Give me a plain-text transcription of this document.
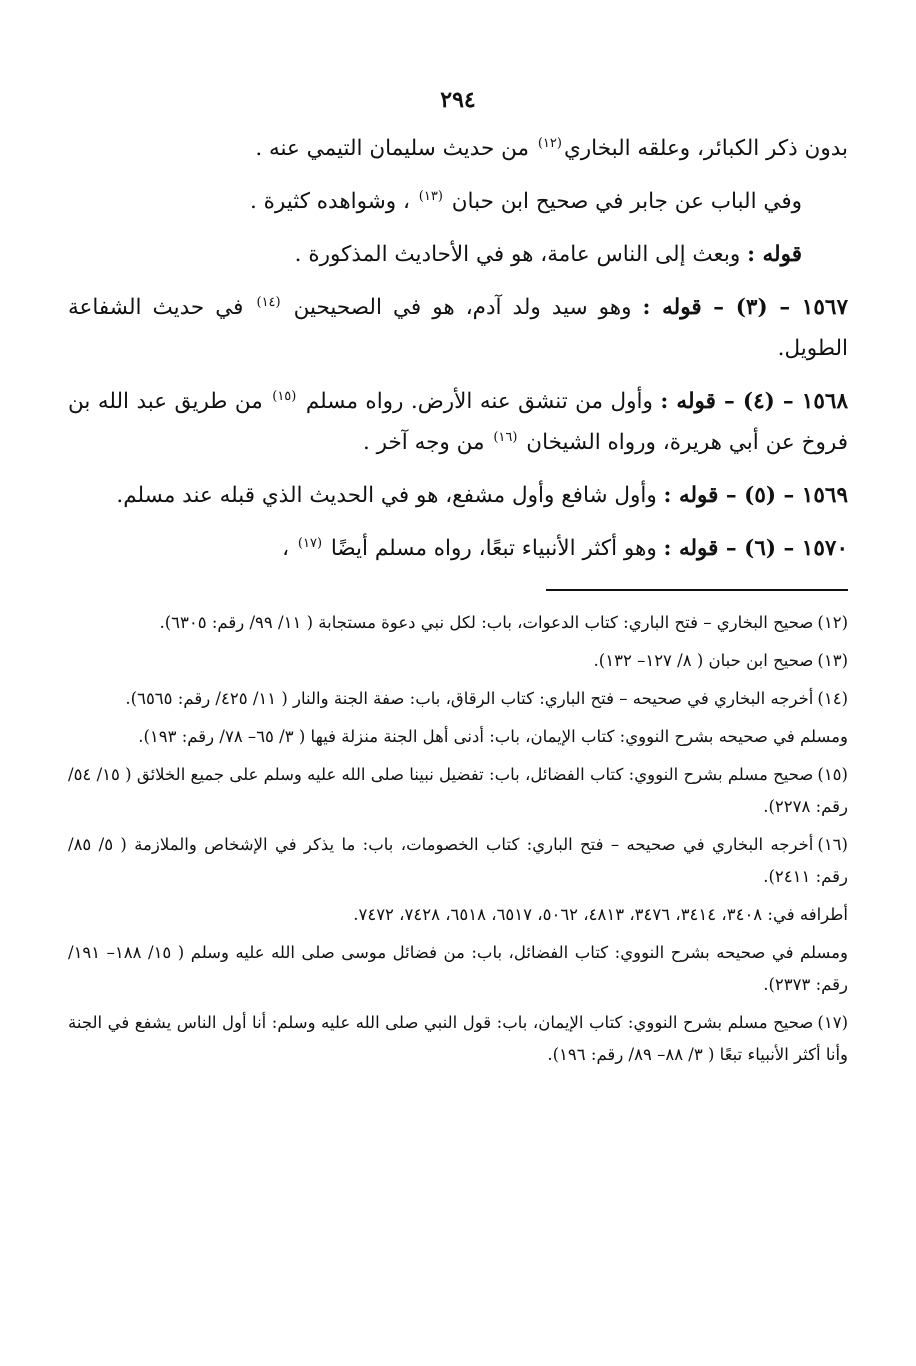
٢٩٤

بدون ذكر الكبائر، وعلقه البخاري$^{(١٢)}$ من حديث سليمان التيمي عنه .

وفي الباب عن جابر في صحيح ابن حبان $^{(١٣)}$ ، وشواهده كثيرة .

قوله : وبعث إلى الناس عامة، هو في الأحاديث المذكورة .

١٥٦٧ – (٣) – قوله : وهو سيد ولد آدم، هو في الصحيحين $^{(١٤)}$ في حديث الشفاعة الطويل.

١٥٦٨ – (٤) – قوله : وأول من تنشق عنه الأرض. رواه مسلم $^{(١٥)}$ من طريق عبد الله بن فروخ عن أبي هريرة، ورواه الشيخان $^{(١٦)}$ من وجه آخر .

١٥٦٩ – (٥) – قوله : وأول شافع وأول مشفع، هو في الحديث الذي قبله عند مسلم.

١٥٧٠ – (٦) – قوله : وهو أكثر الأنبياء تبعًا، رواه مسلم أيضًا $^{(١٧)}$ ،

(١٢)صحيح البخاري – فتح الباري: كتاب الدعوات، باب: لكل نبي دعوة مستجابة ( ١١/ ٩٩/ رقم: ٦٣٠٥).

(١٣)صحيح ابن حبان ( ٨/ ١٢٧– ١٣٢).

(١٤)أخرجه البخاري في صحيحه – فتح الباري: كتاب الرقاق، باب: صفة الجنة والنار ( ١١/ ٤٢٥/ رقم: ٦٥٦٥).

ومسلم في صحيحه بشرح النووي: كتاب الإيمان، باب: أدنى أهل الجنة منزلة فيها ( ٣/ ٦٥– ٧٨/ رقم: ١٩٣).

(١٥)صحيح مسلم بشرح النووي: كتاب الفضائل، باب: تفضيل نبينا صلى الله عليه وسلم على جميع الخلائق ( ١٥/ ٥٤/ رقم: ٢٢٧٨).

(١٦)أخرجه البخاري في صحيحه – فتح الباري: كتاب الخصومات، باب: ما يذكر في الإشخاص والملازمة ( ٥/ ٨٥/ رقم: ٢٤١١).

أطرافه في: ٣٤٠٨، ٣٤١٤، ٣٤٧٦، ٤٨١٣، ٥٠٦٢، ٦٥١٧، ٦٥١٨، ٧٤٢٨، ٧٤٧٢.

ومسلم في صحيحه بشرح النووي: كتاب الفضائل، باب: من فضائل موسى صلى الله عليه وسلم ( ١٥/ ١٨٨– ١٩١/ رقم: ٢٣٧٣).

(١٧)صحيح مسلم بشرح النووي: كتاب الإيمان، باب: قول النبي صلى الله عليه وسلم: أنا أول الناس يشفع في الجنة وأنا أكثر الأنبياء تبعًا ( ٣/ ٨٨– ٨٩/ رقم: ١٩٦).
